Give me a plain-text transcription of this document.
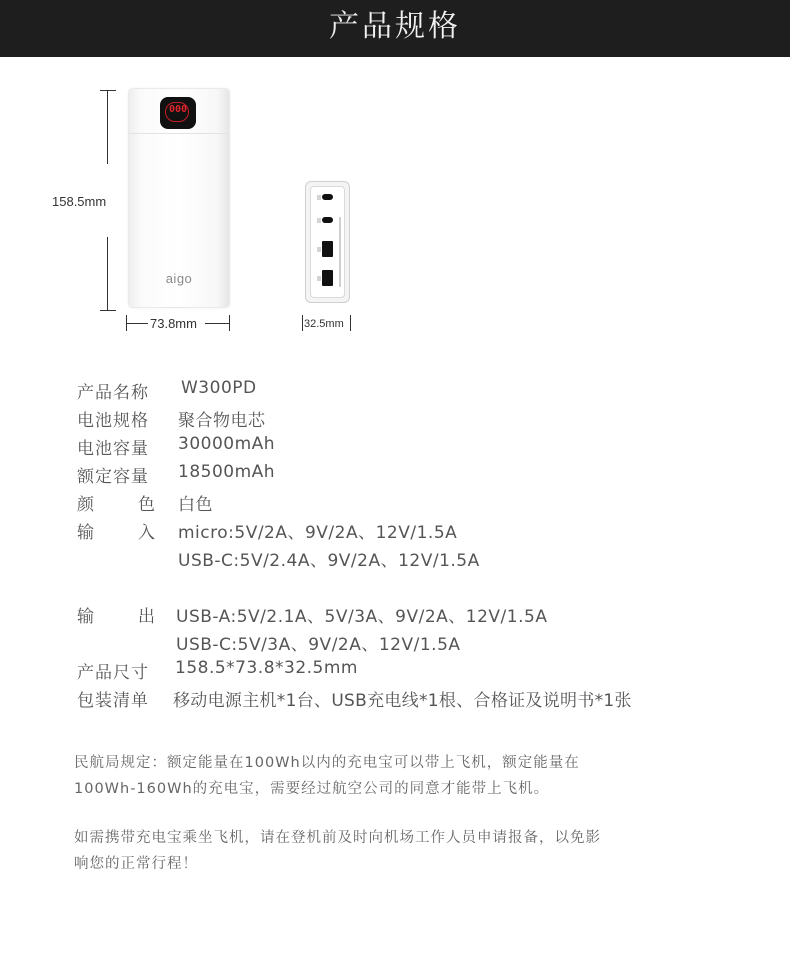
产品规格
158.5mm
000
aigo
73.8mm	32.5mm
产品名称 W300PD
电池规格 聚合物电芯
电池容量 30000mAh
额定容量 18500mAh
颜	色 白色
输	入 micro:5V/2A、9V/2A、12V/1.5A
USB-C:5V/2.4A、9V/2A、12V/1.5A
输	出 USB-A:5V/2.1A、5V/3A、9V/2A、12V/1.5A
USB-C:5V/3A、9V/2A、12V/1.5A
产品尺寸 158.5*73.8*32.5mm
包装清单 移动电源主机*1台、USB充电线*1根、合格证及说明书*1张
民航局规定：额定能量在100Wh以内的充电宝可以带上飞机，额定能量在
100Wh-160Wh的充电宝，需要经过航空公司的同意才能带上飞机。
如需携带充电宝乘坐飞机，请在登机前及时向机场工作人员申请报备，以免影
响您的正常行程！
